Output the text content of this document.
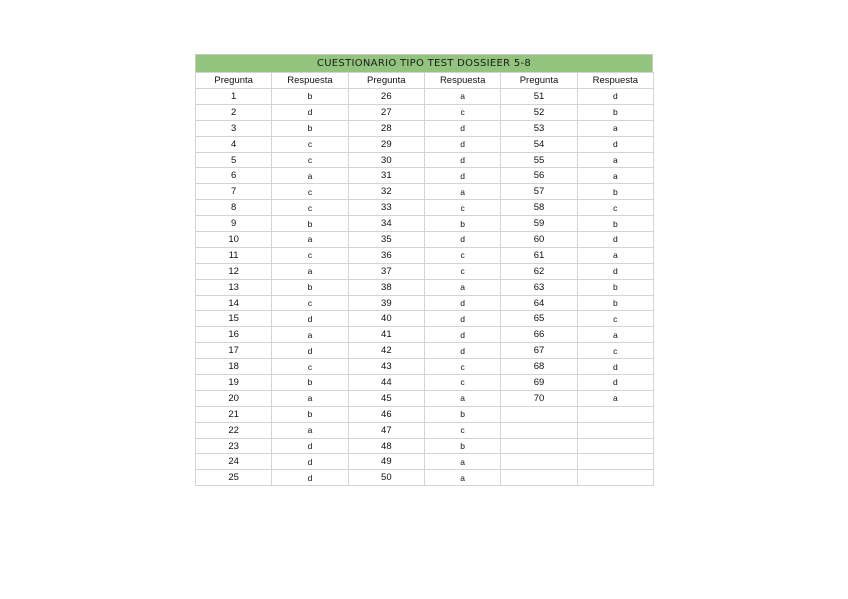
CUESTIONARIO TIPO TEST DOSSIEER 5-8
Pregunta	Respuesta	Pregunta	Respuesta	Pregunta	Respuesta
1	b	26	a	51	d
2	d	27	c	52	b
3	b	28	d	53	a
4	c	29	d	54	d
5	c	30	d	55	a
6	a	31	d	56	a
7	c	32	a	57	b
8	c	33	c	58	c
9	b	34	b	59	b
10	a	35	d	60	d
11	c	36	c	61	a
12	a	37	c	62	d
13	b	38	a	63	b
14	c	39	d	64	b
15	d	40	d	65	c
16	a	41	d	66	a
17	d	42	d	67	c
18	c	43	c	68	d
19	b	44	c	69	d
20	a	45	a	70	a
21	b	46	b		
22	a	47	c		
23	d	48	b		
24	d	49	a		
25	d	50	a		
